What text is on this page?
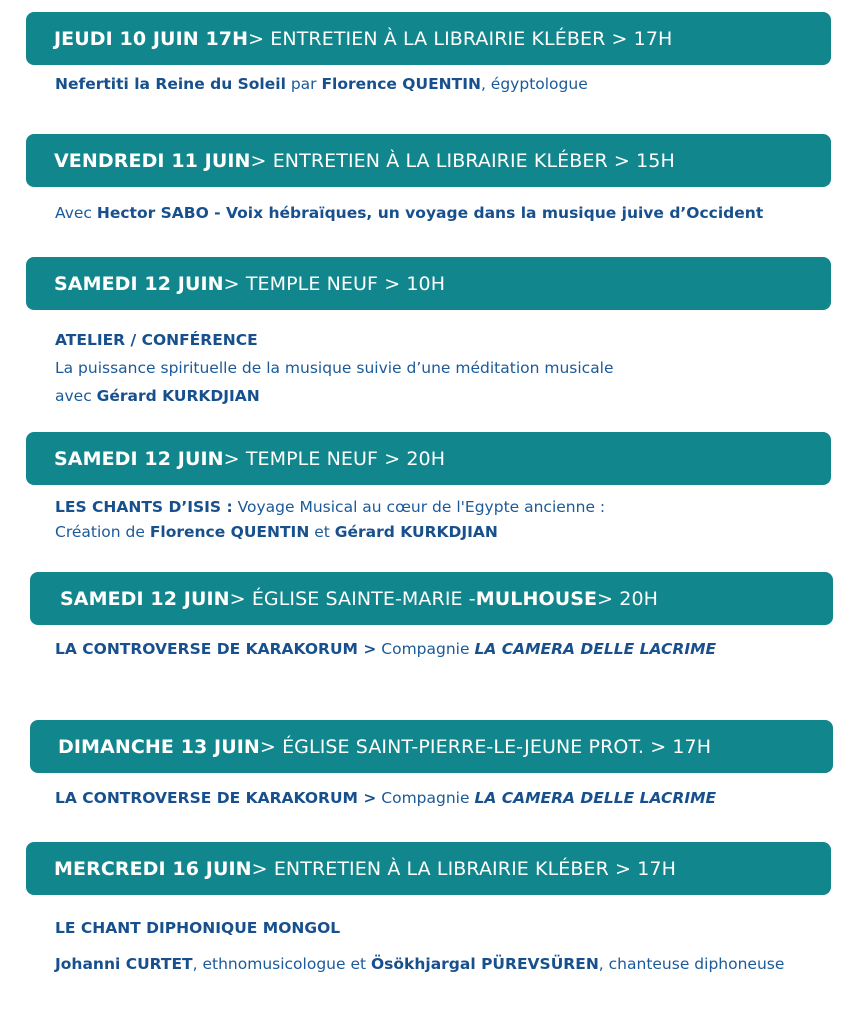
JEUDI 10 JUIN 17H > ENTRETIEN À LA LIBRAIRIE KLÉBER > 17H
Nefertiti la Reine du Soleil par Florence QUENTIN, égyptologue
VENDREDI 11 JUIN > ENTRETIEN À LA LIBRAIRIE KLÉBER > 15H
Avec Hector SABO - Voix hébraïques, un voyage dans la musique juive d’Occident
SAMEDI 12 JUIN > TEMPLE NEUF > 10H
ATELIER / CONFÉRENCE
La puissance spirituelle de la musique suivie d’une méditation musicale
avec Gérard KURKDJIAN
SAMEDI 12 JUIN > TEMPLE NEUF > 20H
LES CHANTS D’ISIS : Voyage Musical au cœur de l'Egypte ancienne :
Création de Florence QUENTIN et Gérard KURKDJIAN
SAMEDI 12 JUIN > ÉGLISE SAINTE-MARIE - MULHOUSE > 20H
LA CONTROVERSE DE KARAKORUM > Compagnie LA CAMERA DELLE LACRIME
DIMANCHE 13 JUIN > ÉGLISE SAINT-PIERRE-LE-JEUNE PROT. > 17H
LA CONTROVERSE DE KARAKORUM > Compagnie LA CAMERA DELLE LACRIME
MERCREDI 16 JUIN > ENTRETIEN À LA LIBRAIRIE KLÉBER > 17H
LE CHANT DIPHONIQUE MONGOL
Johanni CURTET, ethnomusicologue et Ösökhjargal PÜREVSÜREN, chanteuse diphoneuse
